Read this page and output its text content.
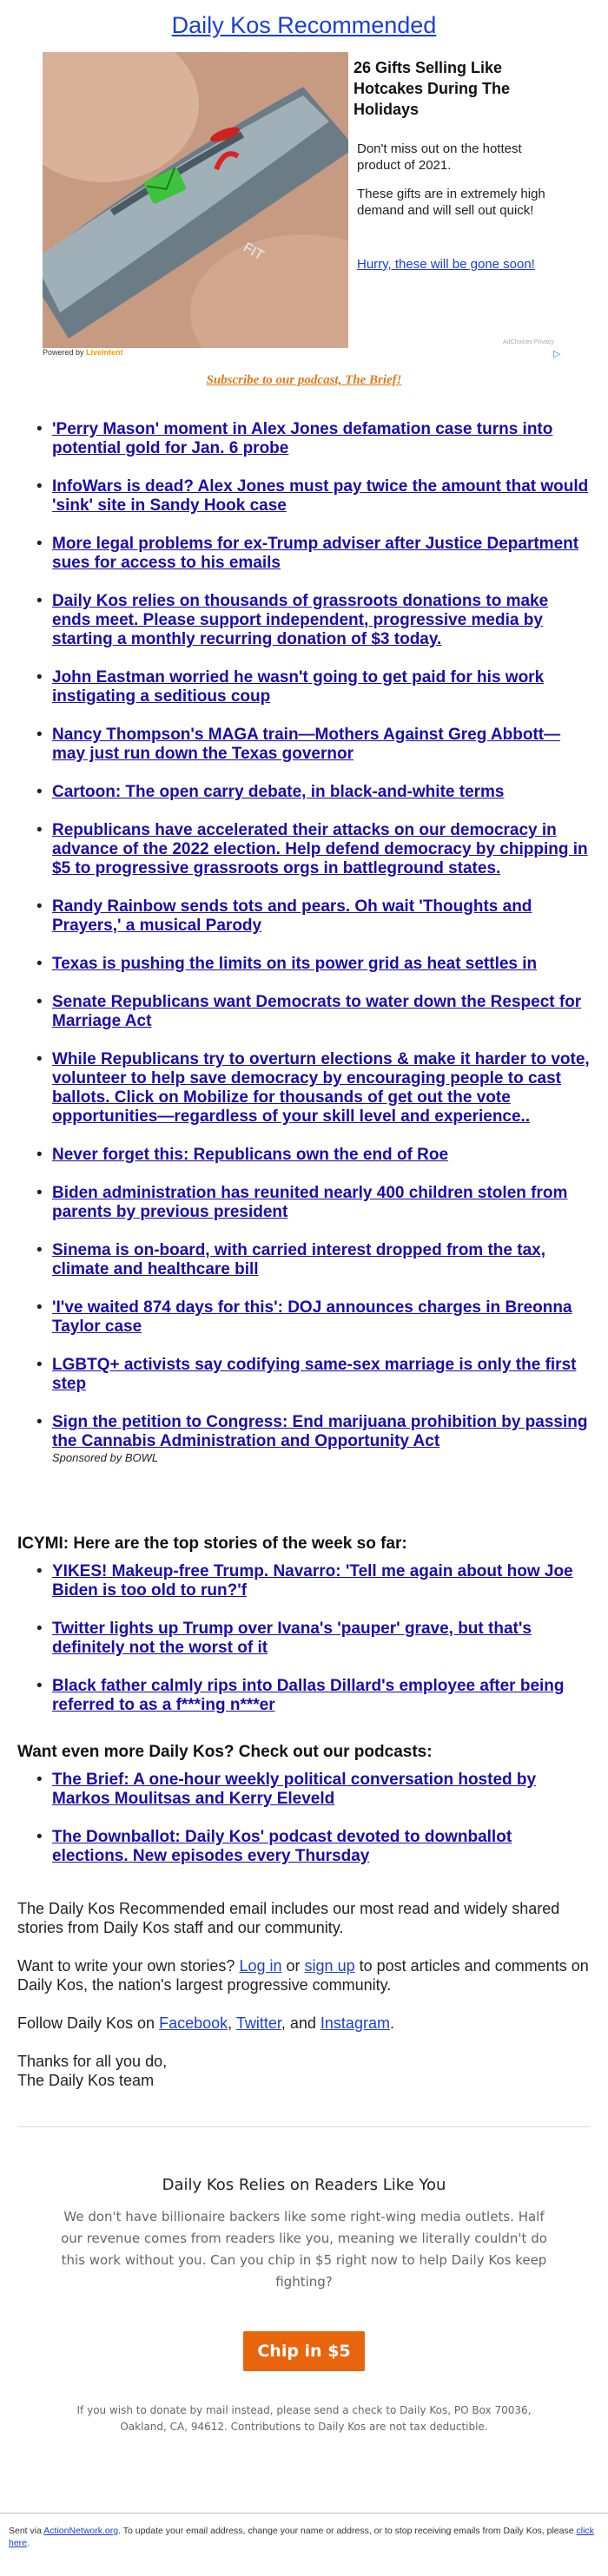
Daily Kos Recommended
FIT
26 Gifts Selling Like Hotcakes During The Holidays
Don't miss out on the hottest product of 2021.
These gifts are in extremely high demand and will sell out quick!
Hurry, these will be gone soon!
Powered by LiveIntent
AdChoices Privacy
▷
Subscribe to our podcast, The Brief!
• 'Perry Mason' moment in Alex Jones defamation case turns into potential gold for Jan. 6 probe
• InfoWars is dead? Alex Jones must pay twice the amount that would 'sink' site in Sandy Hook case
• More legal problems for ex-Trump adviser after Justice Department sues for access to his emails
• Daily Kos relies on thousands of grassroots donations to make ends meet. Please support independent, progressive media by starting a monthly recurring donation of $3 today.
• John Eastman worried he wasn't going to get paid for his work instigating a seditious coup
• Nancy Thompson's MAGA train—Mothers Against Greg Abbott—may just run down the Texas governor
• Cartoon: The open carry debate, in black-and-white terms
• Republicans have accelerated their attacks on our democracy in advance of the 2022 election. Help defend democracy by chipping in $5 to progressive grassroots orgs in battleground states.
• Randy Rainbow sends tots and pears. Oh wait 'Thoughts and Prayers,' a musical Parody
• Texas is pushing the limits on its power grid as heat settles in
• Senate Republicans want Democrats to water down the Respect for Marriage Act
• While Republicans try to overturn elections & make it harder to vote, volunteer to help save democracy by encouraging people to cast ballots. Click on Mobilize for thousands of get out the vote opportunities—regardless of your skill level and experience..
• Never forget this: Republicans own the end of Roe
• Biden administration has reunited nearly 400 children stolen from parents by previous president
• Sinema is on-board, with carried interest dropped from the tax, climate and healthcare bill
• 'I've waited 874 days for this': DOJ announces charges in Breonna Taylor case
• LGBTQ+ activists say codifying same-sex marriage is only the first step
• Sign the petition to Congress: End marijuana prohibition by passing the Cannabis Administration and Opportunity Act
Sponsored by BOWL
ICYMI: Here are the top stories of the week so far:
• YIKES! Makeup-free Trump. Navarro: 'Tell me again about how Joe Biden is too old to run?'f
• Twitter lights up Trump over Ivana's 'pauper' grave, but that's definitely not the worst of it
• Black father calmly rips into Dallas Dillard's employee after being referred to as a f***ing n***er
Want even more Daily Kos? Check out our podcasts:
• The Brief: A one-hour weekly political conversation hosted by Markos Moulitsas and Kerry Eleveld
• The Downballot: Daily Kos' podcast devoted to downballot elections. New episodes every Thursday
The Daily Kos Recommended email includes our most read and widely shared stories from Daily Kos staff and our community.
Want to write your own stories? Log in or sign up to post articles and comments on Daily Kos, the nation's largest progressive community.
Follow Daily Kos on Facebook, Twitter, and Instagram.
Thanks for all you do,
The Daily Kos team
Daily Kos Relies on Readers Like You
We don't have billionaire backers like some right-wing media outlets. Half our revenue comes from readers like you, meaning we literally couldn't do this work without you. Can you chip in $5 right now to help Daily Kos keep fighting?
Chip in $5
If you wish to donate by mail instead, please send a check to Daily Kos, PO Box 70036, Oakland, CA, 94612. Contributions to Daily Kos are not tax deductible.
Sent via ActionNetwork.org. To update your email address, change your name or address, or to stop receiving emails from Daily Kos, please click here.
